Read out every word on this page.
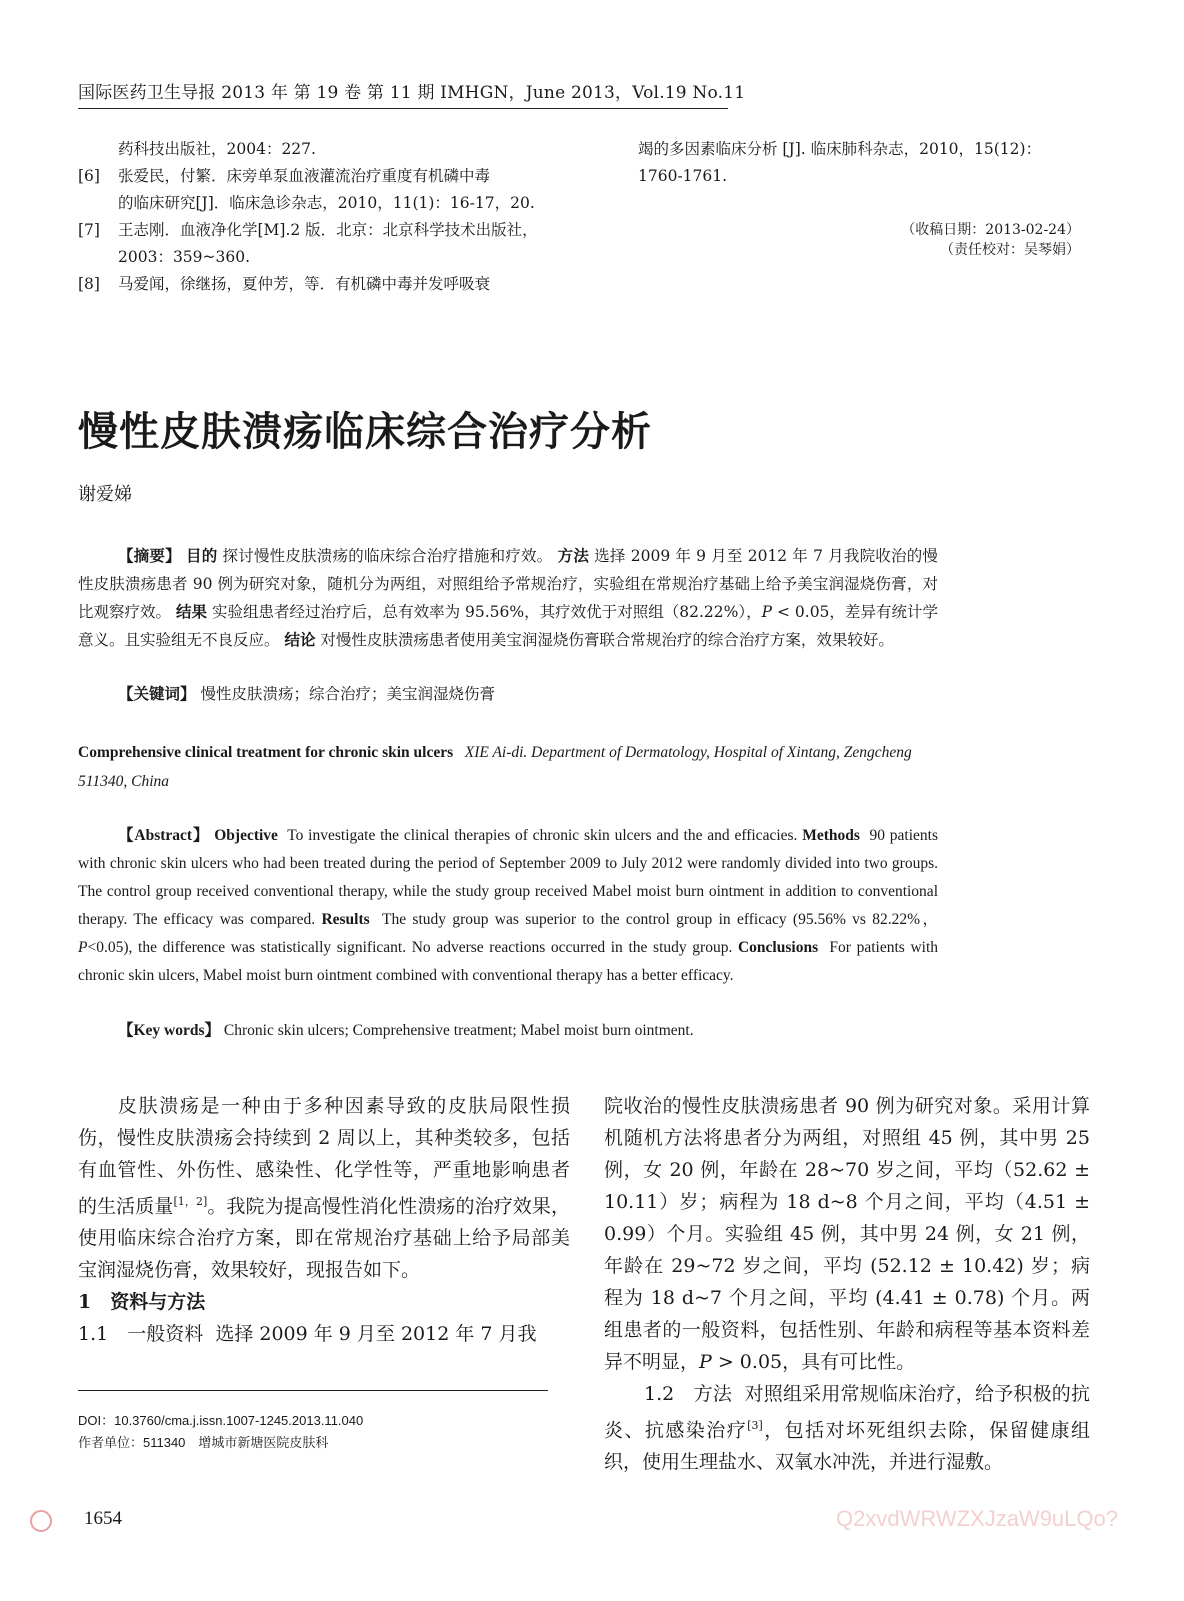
国际医药卫生导报 2013 年 第 19 卷 第 11 期 IMHGN，June 2013，Vol.19 No.11
药科技出版社，2004：227.
[6]	张爱民，付繁．床旁单泵血液灌流治疗重度有机磷中毒
的临床研究[J]．临床急诊杂志，2010，11(1)：16-17，20.
[7]	王志刚．血液净化学[M].2 版．北京：北京科学技术出版社，
2003：359~360.
[8]	马爱闻，徐继扬，夏仲芳，等．有机磷中毒并发呼吸衰
竭的多因素临床分析 [J]. 临床肺科杂志，2010，15(12)：
1760-1761.
（收稿日期：2013-02-24）
（责任校对：吴琴娟）
慢性皮肤溃疡临床综合治疗分析
谢爱娣
【摘要】 目的 探讨慢性皮肤溃疡的临床综合治疗措施和疗效。 方法 选择 2009 年 9 月至 2012 年 7 月我院收治的慢性皮肤溃疡患者 90 例为研究对象，随机分为两组，对照组给予常规治疗，实验组在常规治疗基础上给予美宝润湿烧伤膏，对比观察疗效。 结果 实验组患者经过治疗后，总有效率为 95.56%，其疗效优于对照组（82.22%），P < 0.05，差异有统计学意义。且实验组无不良反应。 结论 对慢性皮肤溃疡患者使用美宝润湿烧伤膏联合常规治疗的综合治疗方案，效果较好。
【关键词】 慢性皮肤溃疡；综合治疗；美宝润湿烧伤膏
Comprehensive clinical treatment for chronic skin ulcers XIE Ai-di. Department of Dermatology, Hospital of Xintang, Zengcheng 511340, China
【Abstract】 Objective To investigate the clinical therapies of chronic skin ulcers and the and efficacies. Methods 90 patients with chronic skin ulcers who had been treated during the period of September 2009 to July 2012 were randomly divided into two groups. The control group received conventional therapy, while the study group received Mabel moist burn ointment in addition to conventional therapy. The efficacy was compared. Results The study group was superior to the control group in efficacy (95.56% vs 82.22%，P<0.05), the difference was statistically significant. No adverse reactions occurred in the study group. Conclusions For patients with chronic skin ulcers, Mabel moist burn ointment combined with conventional therapy has a better efficacy.
【Key words】 Chronic skin ulcers; Comprehensive treatment; Mabel moist burn ointment.

皮肤溃疡是一种由于多种因素导致的皮肤局限性损伤，慢性皮肤溃疡会持续到 2 周以上，其种类较多，包括有血管性、外伤性、感染性、化学性等，严重地影响患者的生活质量[1，2]。我院为提高慢性消化性溃疡的治疗效果，使用临床综合治疗方案，即在常规治疗基础上给予局部美宝润湿烧伤膏，效果较好，现报告如下。

1　资料与方法

1.1　一般资料 选择 2009 年 9 月至 2012 年 7 月我

院收治的慢性皮肤溃疡患者 90 例为研究对象。采用计算机随机方法将患者分为两组，对照组 45 例，其中男 25 例，女 20 例，年龄在 28~70 岁之间，平均（52.62 ± 10.11）岁；病程为 18 d~8 个月之间，平均（4.51 ± 0.99）个月。实验组 45 例，其中男 24 例，女 21 例，年龄在 29~72 岁之间，平均 (52.12 ± 10.42) 岁；病程为 18 d~7 个月之间，平均 (4.41 ± 0.78) 个月。两组患者的一般资料，包括性别、年龄和病程等基本资料差异不明显，P > 0.05，具有可比性。

1.2　方法 对照组采用常规临床治疗，给予积极的抗炎、抗感染治疗[3]，包括对坏死组织去除，保留健康组织，使用生理盐水、双氧水冲洗，并进行湿敷。

DOI：10.3760/cma.j.issn.1007-1245.2013.11.040
作者单位：511340　增城市新塘医院皮肤科
1654	Q2xvdWRWZXJzaW9uLQo?
